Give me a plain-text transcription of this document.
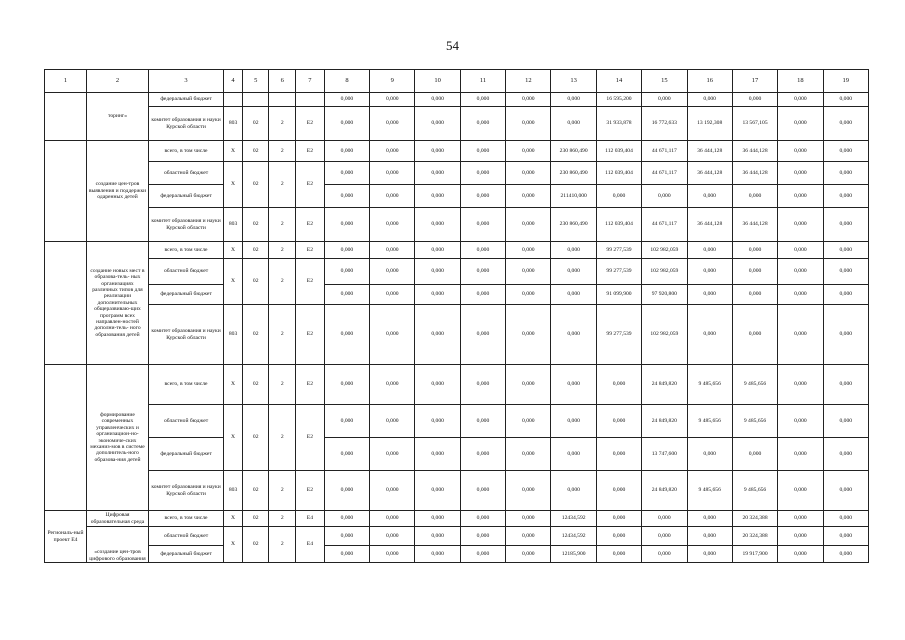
54
1	2	3	4	5	6	7	8	9	10	11	12	13	14	15	16	17	18	19
	торинг»	федеральный бюджет					0,000	0,000	0,000	0,000	0,000	0,000	16 595,200	0,000	0,000	0,000	0,000	0,000
		комитет образования и науки Курской области	803	02	2	E2	0,000	0,000	0,000	0,000	0,000	0,000	31 933,878	16 772,633	13 192,308	13 567,105	0,000	0,000
	создание цен-тров выявления и поддержки одаренных детей	всего, в том числе	X	02	2	E2	0,000	0,000	0,000	0,000	0,000	230 860,490	112 039,404	44 671,117	36 444,128	36 444,128	0,000	0,000
		областной бюджет	X	02	2	E2	0,000	0,000	0,000	0,000	0,000	230 860,490	112 039,404	44 671,117	36 444,128	36 444,128	0,000	0,000
		федеральный бюджет					0,000	0,000	0,000	0,000	0,000	211410,000	0,000	0,000	0,000	0,000	0,000	0,000
		комитет образования и науки Курской области	803	02	2	E2	0,000	0,000	0,000	0,000	0,000	230 860,490	112 039,404	44 671,117	36 444,128	36 444,128	0,000	0,000
	создание новых мест в образова-тель- ных организациях различных типов для реализации дополнительных общеразвиваю-щих программ всех направлен-ностей дополни-тель- ного образования детей	всего, в том числе	X	02	2	E2	0,000	0,000	0,000	0,000	0,000	0,000	99 277,539	102 982,059	0,000	0,000	0,000	0,000
		областной бюджет	X	02	2	E2	0,000	0,000	0,000	0,000	0,000	0,000	99 277,539	102 982,059	0,000	0,000	0,000	0,000
		федеральный бюджет					0,000	0,000	0,000	0,000	0,000	0,000	91 099,900	97 920,800	0,000	0,000	0,000	0,000
		комитет образования и науки Курской области	803	02	2	E2	0,000	0,000	0,000	0,000	0,000	0,000	99 277,539	102 982,059	0,000	0,000	0,000	0,000
	формирование современных управленческих и организацион-но- экономиче-ских механиз-мов в системе дополнитель-ного образова-ния детей	всего, в том числе	X	02	2	E2	0,000	0,000	0,000	0,000	0,000	0,000	0,000	24 849,820	9 485,656	9 485,656	0,000	0,000
		областной бюджет	X	02	2	E2	0,000	0,000	0,000	0,000	0,000	0,000	0,000	24 849,820	9 485,656	9 485,656	0,000	0,000
		федеральный бюджет					0,000	0,000	0,000	0,000	0,000	0,000	0,000	13 747,600	0,000	0,000	0,000	0,000
		комитет образования и науки Курской области	803	02	2	E2	0,000	0,000	0,000	0,000	0,000	0,000	0,000	24 849,820	9 485,656	9 485,656	0,000	0,000
Региональ-ный проект E4	Цифровая образовательная среда	всего, в том числе	X	02	2	E4	0,000	0,000	0,000	0,000	0,000	12434,592	0,000	0,000	0,000	20 324,388	0,000	0,000
	«создание цен-тров цифрового образования	областной бюджет	X	02	2	E4	0,000	0,000	0,000	0,000	0,000	12434,592	0,000	0,000	0,000	20 324,388	0,000	0,000
		федеральный бюджет					0,000	0,000	0,000	0,000	0,000	12185,900	0,000	0,000	0,000	19 917,900	0,000	0,000
